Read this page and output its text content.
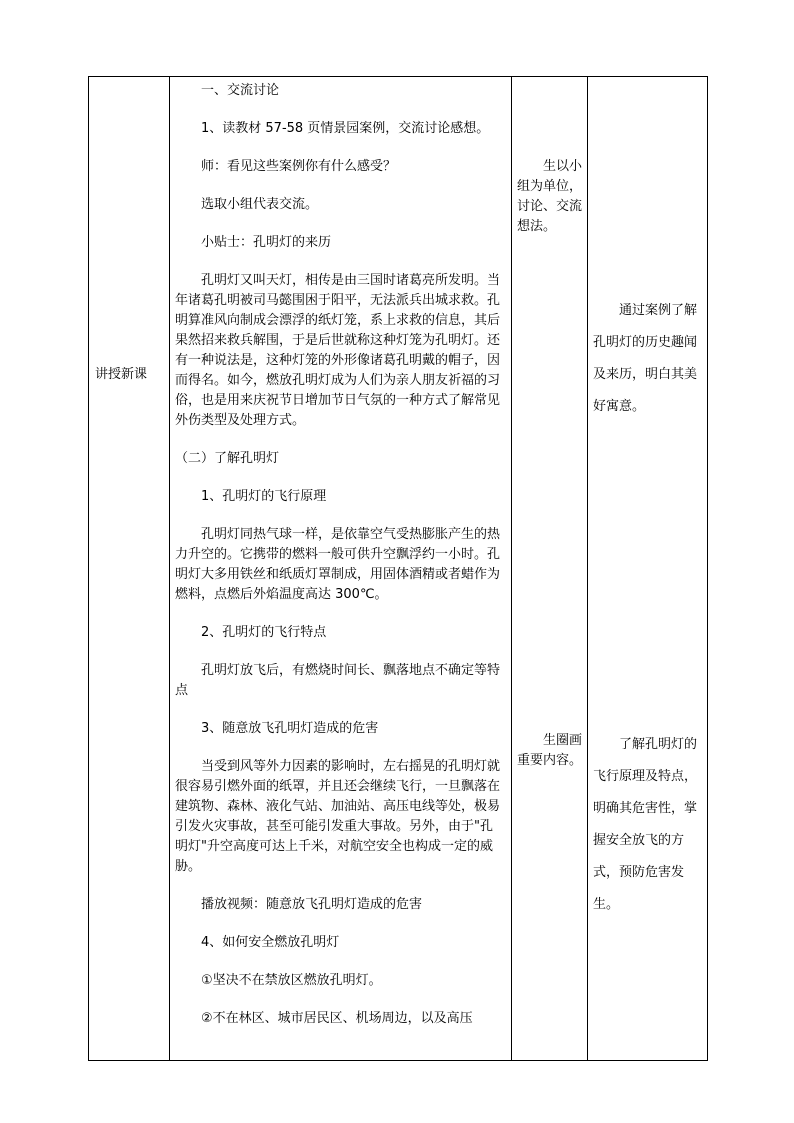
讲授新课

一、交流讨论

1、读教材 57-58 页情景园案例，交流讨论感想。

师：看见这些案例你有什么感受？

选取小组代表交流。

小贴士：孔明灯的来历

孔明灯又叫天灯，相传是由三国时诸葛亮所发明。当年诸葛孔明被司马懿围困于阳平，无法派兵出城求救。孔明算准风向制成会漂浮的纸灯笼，系上求救的信息，其后果然招来救兵解围，于是后世就称这种灯笼为孔明灯。还有一种说法是，这种灯笼的外形像诸葛孔明戴的帽子，因而得名。如今，燃放孔明灯成为人们为亲人朋友祈福的习俗，也是用来庆祝节日增加节日气氛的一种方式了解常见外伤类型及处理方式。

（二）了解孔明灯

1、孔明灯的飞行原理

孔明灯同热气球一样，是依靠空气受热膨胀产生的热力升空的。它携带的燃料一般可供升空飘浮约一小时。孔明灯大多用铁丝和纸质灯罩制成，用固体酒精或者蜡作为燃料，点燃后外焰温度高达 300℃。

2、孔明灯的飞行特点

孔明灯放飞后，有燃烧时间长、飘落地点不确定等特点

3、随意放飞孔明灯造成的危害

当受到风等外力因素的影响时，左右摇晃的孔明灯就很容易引燃外面的纸罩，并且还会继续飞行，一旦飘落在建筑物、森林、液化气站、加油站、高压电线等处，极易引发火灾事故，甚至可能引发重大事故。另外，由于"孔明灯"升空高度可达上千米，对航空安全也构成一定的威胁。

播放视频：随意放飞孔明灯造成的危害

4、如何安全燃放孔明灯

①坚决不在禁放区燃放孔明灯。

②不在林区、城市居民区、机场周边，以及高压

生以小组为单位，讨论、交流想法。
生圈画重要内容。
通过案例了解孔明灯的历史趣闻及来历，明白其美好寓意。
了解孔明灯的飞行原理及特点，明确其危害性，掌握安全放飞的方式，预防危害发生。
